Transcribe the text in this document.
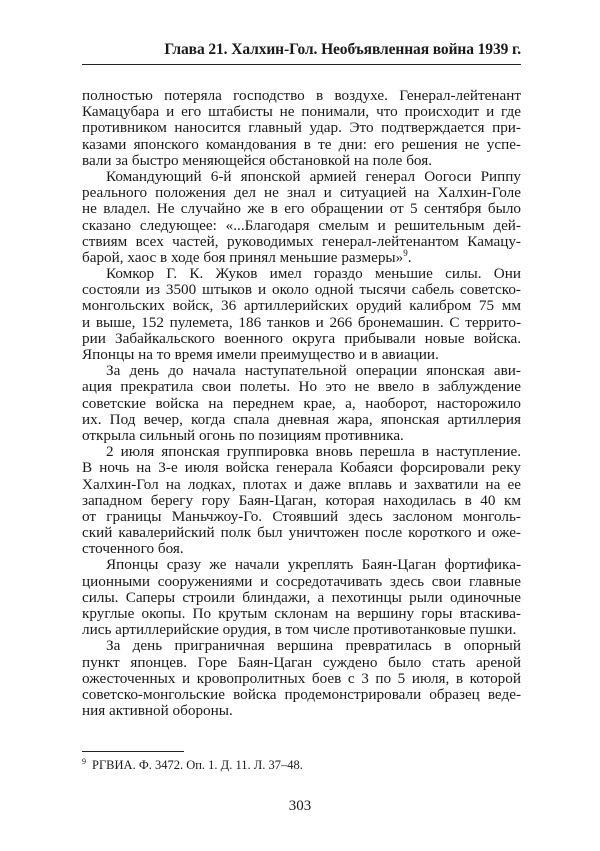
Глава 21. Халхин-Гол. Необъявленная война 1939 г.
полностью потеряла господство в воздухе. Генерал-лейтенант
Камацубара и его штабисты не понимали, что происходит и где
противником наносится главный удар. Это подтверждается при-
казами японского командования в те дни: его решения не успе-
вали за быстро меняющейся обстановкой на поле боя.
Командующий 6-й японской армией генерал Оогоси Риппу
реального положения дел не знал и ситуацией на Халхин-Голе
не владел. Не случайно же в его обращении от 5 сентября было
сказано следующее: «...Благодаря смелым и решительным дей-
ствиям всех частей, руководимых генерал-лейтенантом Камацу-
барой, хаос в ходе боя принял меньшие размеры»$^9$.
Комкор Г. К. Жуков имел гораздо меньшие силы. Они
состояли из 3500 штыков и около одной тысячи сабель советско-
монгольских войск, 36 артиллерийских орудий калибром 75 мм
и выше, 152 пулемета, 186 танков и 266 бронемашин. С террито-
рии Забайкальского военного округа прибывали новые войска.
Японцы на то время имели преимущество и в авиации.
За день до начала наступательной операции японская ави-
ация прекратила свои полеты. Но это не ввело в заблуждение
советские войска на переднем крае, а, наоборот, насторожило
их. Под вечер, когда спала дневная жара, японская артиллерия
открыла сильный огонь по позициям противника.
2 июля японская группировка вновь перешла в наступление.
В ночь на 3-е июля войска генерала Кобаяси форсировали реку
Халхин-Гол на лодках, плотах и даже вплавь и захватили на ее
западном берегу гору Баян-Цаган, которая находилась в 40 км
от границы Маньчжоу-Го. Стоявший здесь заслоном монголь-
ский кавалерийский полк был уничтожен после короткого и оже-
сточенного боя.
Японцы сразу же начали укреплять Баян-Цаган фортифика-
ционными сооружениями и сосредотачивать здесь свои главные
силы. Саперы строили блиндажи, а пехотинцы рыли одиночные
круглые окопы. По крутым склонам на вершину горы втаскива-
лись артиллерийские орудия, в том числе противотанковые пушки.
За день приграничная вершина превратилась в опорный
пункт японцев. Горе Баян-Цаган суждено было стать ареной
ожесточенных и кровопролитных боев с 3 по 5 июля, в которой
советско-монгольские войска продемонстрировали образец веде-
ния активной обороны.
$^9$ РГВИА. Ф. 3472. Оп. 1. Д. 11. Л. 37–48.
303
